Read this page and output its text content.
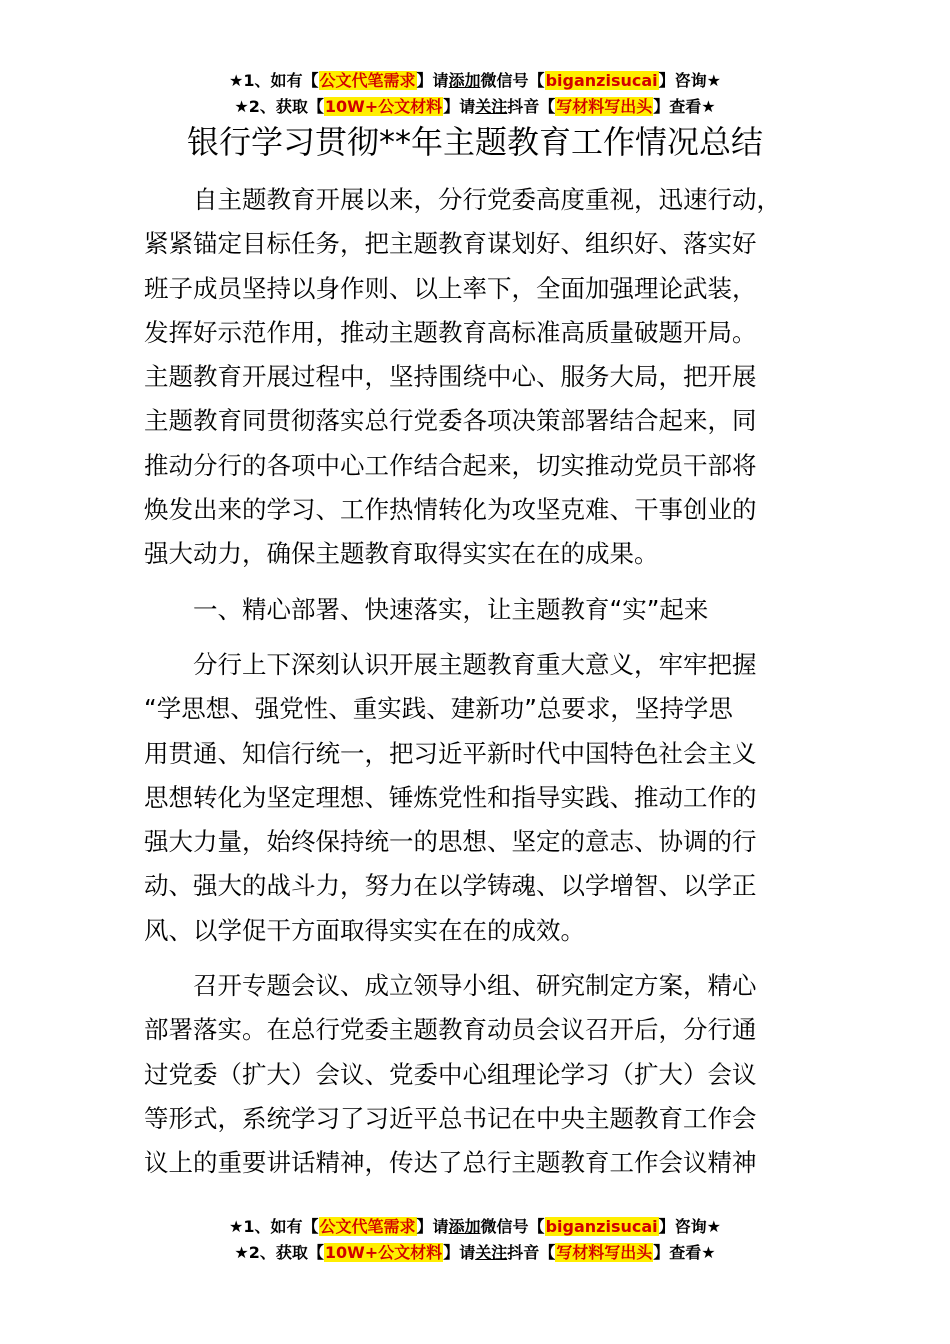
★1、如有【公文代笔需求】请添加微信号【biganzisucai】咨询★
★2、获取【10W+公文材料】请关注抖音【写材料写出头】查看★
银行学习贯彻**年主题教育工作情况总结

自主题教育开展以来，分行党委高度重视，迅速行动，
紧紧锚定目标任务，把主题教育谋划好、组织好、落实好
班子成员坚持以身作则、以上率下，全面加强理论武装，
发挥好示范作用，推动主题教育高标准高质量破题开局。
主题教育开展过程中，坚持围绕中心、服务大局，把开展
主题教育同贯彻落实总行党委各项决策部署结合起来，同
推动分行的各项中心工作结合起来，切实推动党员干部将
焕发出来的学习、工作热情转化为攻坚克难、干事创业的
强大动力，确保主题教育取得实实在在的成果。

一、精心部署、快速落实，让主题教育“实”起来

分行上下深刻认识开展主题教育重大意义，牢牢把握
“学思想、强党性、重实践、建新功”总要求，坚持学思
用贯通、知信行统一，把习近平新时代中国特色社会主义
思想转化为坚定理想、锤炼党性和指导实践、推动工作的
强大力量，始终保持统一的思想、坚定的意志、协调的行
动、强大的战斗力，努力在以学铸魂、以学增智、以学正
风、以学促干方面取得实实在在的成效。

召开专题会议、成立领导小组、研究制定方案，精心
部署落实。在总行党委主题教育动员会议召开后，分行通
过党委（扩大）会议、党委中心组理论学习（扩大）会议
等形式，系统学习了习近平总书记在中央主题教育工作会
议上的重要讲话精神，传达了总行主题教育工作会议精神

★1、如有【公文代笔需求】请添加微信号【biganzisucai】咨询★
★2、获取【10W+公文材料】请关注抖音【写材料写出头】查看★
